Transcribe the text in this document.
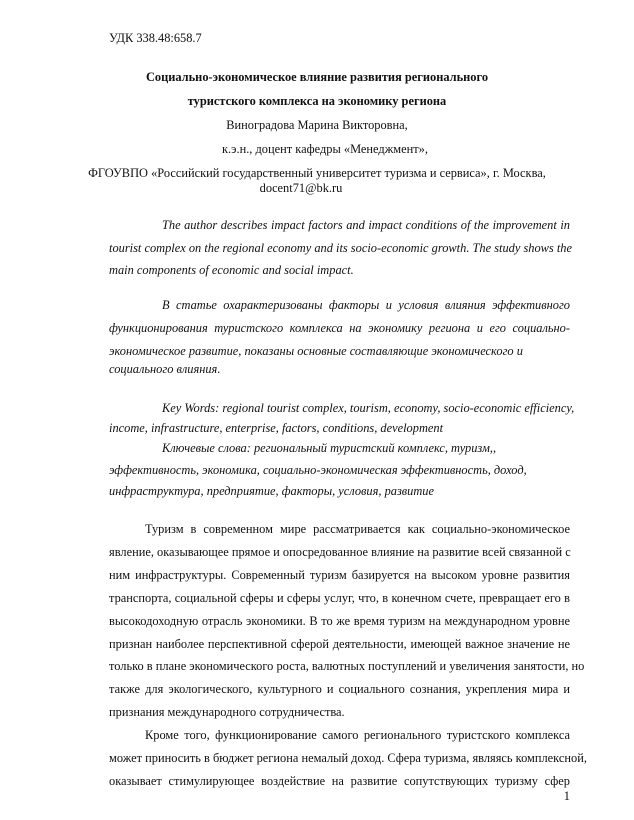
УДК 338.48:658.7
Социально-экономическое влияние развития регионального
туристского комплекса на экономику региона
Виноградова Марина Викторовна,
к.э.н., доцент кафедры «Менеджмент»,
ФГОУВПО «Российский государственный университет туризма и сервиса», г. Москва,
docent71@bk.ru
The author describes impact factors and impact conditions of the improvement in
tourist complex on the regional economy and its socio-economic growth. The study shows the
main components of economic and social impact.
В статье охарактеризованы факторы и условия влияния эффективного
функционирования туристского комплекса на экономику региона и его социально-
экономическое развитие, показаны основные составляющие экономического и
социального влияния.
Key Words: regional tourist complex, tourism, economy, socio-economic efficiency,
income, infrastructure, enterprise, factors, conditions, development
Ключевые слова: региональный туристский комплекс, туризм,,
эффективность, экономика, социально-экономическая эффективность, доход,
инфраструктура, предприятие, факторы, условия, развитие
Туризм в современном мире рассматривается как социально-экономическое
явление, оказывающее прямое и опосредованное влияние на развитие всей связанной с
ним инфраструктуры. Современный туризм базируется на высоком уровне развития
транспорта, социальной сферы и сферы услуг, что, в конечном счете, превращает его в
высокодоходную отрасль экономики. В то же время туризм на международном уровне
признан наиболее перспективной сферой деятельности, имеющей важное значение не
только в плане экономического роста, валютных поступлений и увеличения занятости, но
также для экологического, культурного и социального сознания, укрепления мира и
признания международного сотрудничества.
Кроме того, функционирование самого регионального туристского комплекса
может приносить в бюджет региона немалый доход. Сфера туризма, являясь комплексной,
оказывает стимулирующее воздействие на развитие сопутствующих туризму сфер
1
